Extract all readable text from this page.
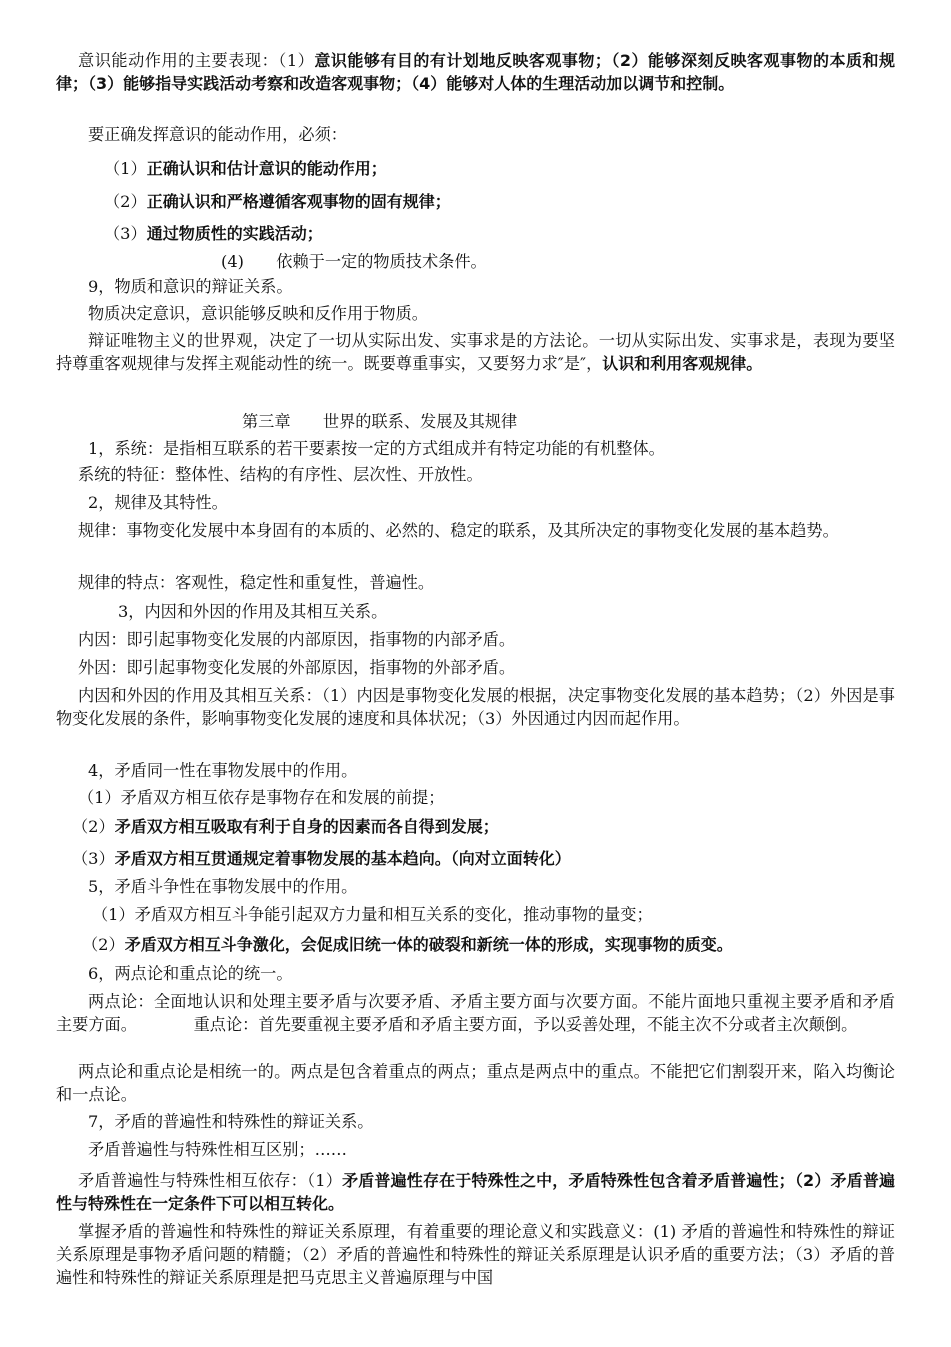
意识能动作用的主要表现：（1）意识能够有目的有计划地反映客观事物；（2）能够深刻反映客观事物的本质和规律；（3）能够指导实践活动考察和改造客观事物；（4）能够对人体的生理活动加以调节和控制。
要正确发挥意识的能动作用，必须：
（1）正确认识和估计意识的能动作用；
（2）正确认识和严格遵循客观事物的固有规律；
（3）通过物质性的实践活动；
(4)　　依赖于一定的物质技术条件。
9，物质和意识的辩证关系。
物质决定意识，意识能够反映和反作用于物质。
辩证唯物主义的世界观，决定了一切从实际出发、实事求是的方法论。一切从实际出发、实事求是，表现为要坚持尊重客观规律与发挥主观能动性的统一。既要尊重事实，又要努力求″是″，认识和利用客观规律。
第三章　　世界的联系、发展及其规律
1，系统：是指相互联系的若干要素按一定的方式组成并有特定功能的有机整体。
系统的特征：整体性、结构的有序性、层次性、开放性。
2，规律及其特性。
规律：事物变化发展中本身固有的本质的、必然的、稳定的联系，及其所决定的事物变化发展的基本趋势。
规律的特点：客观性，稳定性和重复性，普遍性。
3，内因和外因的作用及其相互关系。
内因：即引起事物变化发展的内部原因，指事物的内部矛盾。
外因：即引起事物变化发展的外部原因，指事物的外部矛盾。
内因和外因的作用及其相互关系：（1）内因是事物变化发展的根据，决定事物变化发展的基本趋势；（2）外因是事物变化发展的条件，影响事物变化发展的速度和具体状况；（3）外因通过内因而起作用。
4，矛盾同一性在事物发展中的作用。
（1）矛盾双方相互依存是事物存在和发展的前提；
（2）矛盾双方相互吸取有利于自身的因素而各自得到发展；
（3）矛盾双方相互贯通规定着事物发展的基本趋向。（向对立面转化）
5，矛盾斗争性在事物发展中的作用。
（1）矛盾双方相互斗争能引起双方力量和相互关系的变化，推动事物的量变；
（2）矛盾双方相互斗争激化，会促成旧统一体的破裂和新统一体的形成，实现事物的质变。
6，两点论和重点论的统一。
两点论：全面地认识和处理主要矛盾与次要矛盾、矛盾主要方面与次要方面。不能片面地只重视主要矛盾和矛盾主要方面。　　　　重点论：首先要重视主要矛盾和矛盾主要方面，予以妥善处理，不能主次不分或者主次颠倒。
两点论和重点论是相统一的。两点是包含着重点的两点；重点是两点中的重点。不能把它们割裂开来，陷入均衡论和一点论。
7，矛盾的普遍性和特殊性的辩证关系。
矛盾普遍性与特殊性相互区别；……
矛盾普遍性与特殊性相互依存：（1）矛盾普遍性存在于特殊性之中，矛盾特殊性包含着矛盾普遍性；（2）矛盾普遍性与特殊性在一定条件下可以相互转化。
掌握矛盾的普遍性和特殊性的辩证关系原理，有着重要的理论意义和实践意义：(1) 矛盾的普遍性和特殊性的辩证关系原理是事物矛盾问题的精髓；（2）矛盾的普遍性和特殊性的辩证关系原理是认识矛盾的重要方法；（3）矛盾的普遍性和特殊性的辩证关系原理是把马克思主义普遍原理与中国
